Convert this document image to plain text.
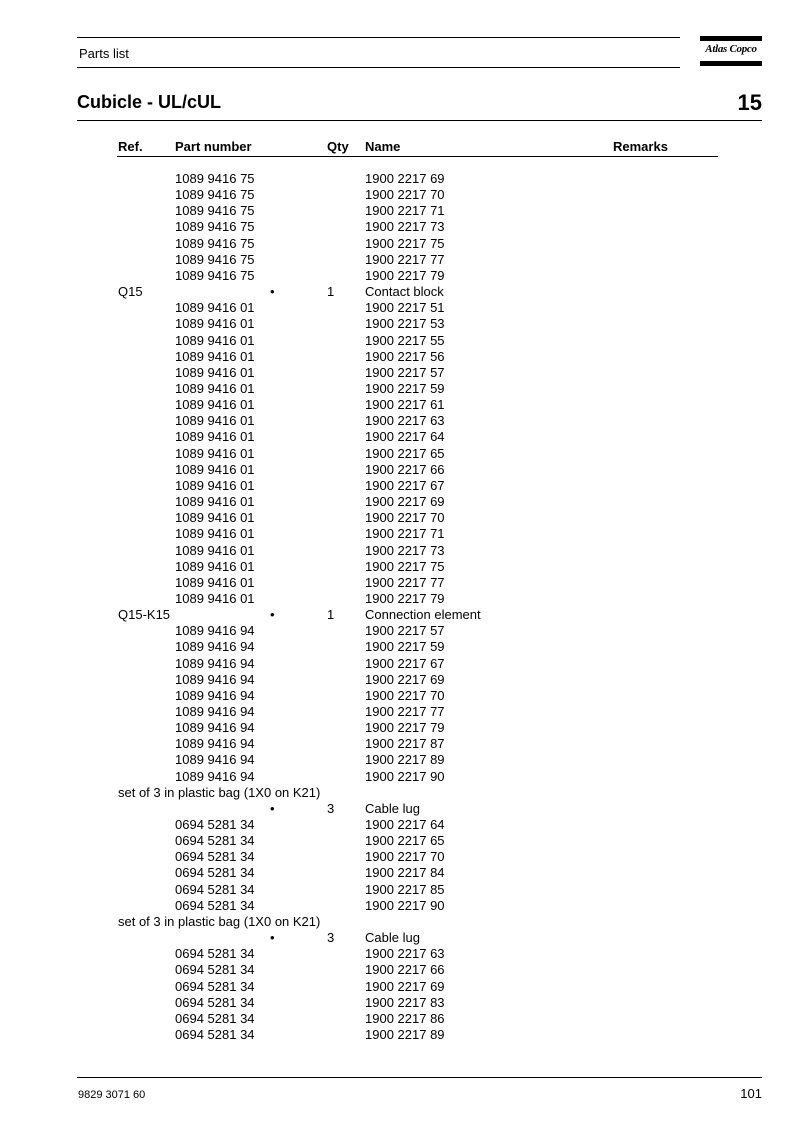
Parts list	Atlas Copco
Cubicle - UL/cUL	15
Ref. Part number	Qty Name	Remarks
1089 9416 75	1900 2217 69
1089 9416 75	1900 2217 70
1089 9416 75	1900 2217 71
1089 9416 75	1900 2217 73
1089 9416 75	1900 2217 75
1089 9416 75	1900 2217 77
1089 9416 75	1900 2217 79
Q15	•	1 Contact block
1089 9416 01	1900 2217 51
1089 9416 01	1900 2217 53
1089 9416 01	1900 2217 55
1089 9416 01	1900 2217 56
1089 9416 01	1900 2217 57
1089 9416 01	1900 2217 59
1089 9416 01	1900 2217 61
1089 9416 01	1900 2217 63
1089 9416 01	1900 2217 64
1089 9416 01	1900 2217 65
1089 9416 01	1900 2217 66
1089 9416 01	1900 2217 67
1089 9416 01	1900 2217 69
1089 9416 01	1900 2217 70
1089 9416 01	1900 2217 71
1089 9416 01	1900 2217 73
1089 9416 01	1900 2217 75
1089 9416 01	1900 2217 77
1089 9416 01	1900 2217 79
Q15-K15	•	1 Connection element
1089 9416 94	1900 2217 57
1089 9416 94	1900 2217 59
1089 9416 94	1900 2217 67
1089 9416 94	1900 2217 69
1089 9416 94	1900 2217 70
1089 9416 94	1900 2217 77
1089 9416 94	1900 2217 79
1089 9416 94	1900 2217 87
1089 9416 94	1900 2217 89
1089 9416 94	1900 2217 90
set of 3 in plastic bag (1X0 on K21)
•	3 Cable lug
0694 5281 34	1900 2217 64
0694 5281 34	1900 2217 65
0694 5281 34	1900 2217 70
0694 5281 34	1900 2217 84
0694 5281 34	1900 2217 85
0694 5281 34	1900 2217 90
set of 3 in plastic bag (1X0 on K21)
•	3 Cable lug
0694 5281 34	1900 2217 63
0694 5281 34	1900 2217 66
0694 5281 34	1900 2217 69
0694 5281 34	1900 2217 83
0694 5281 34	1900 2217 86
0694 5281 34	1900 2217 89
9829 3071 60	101
